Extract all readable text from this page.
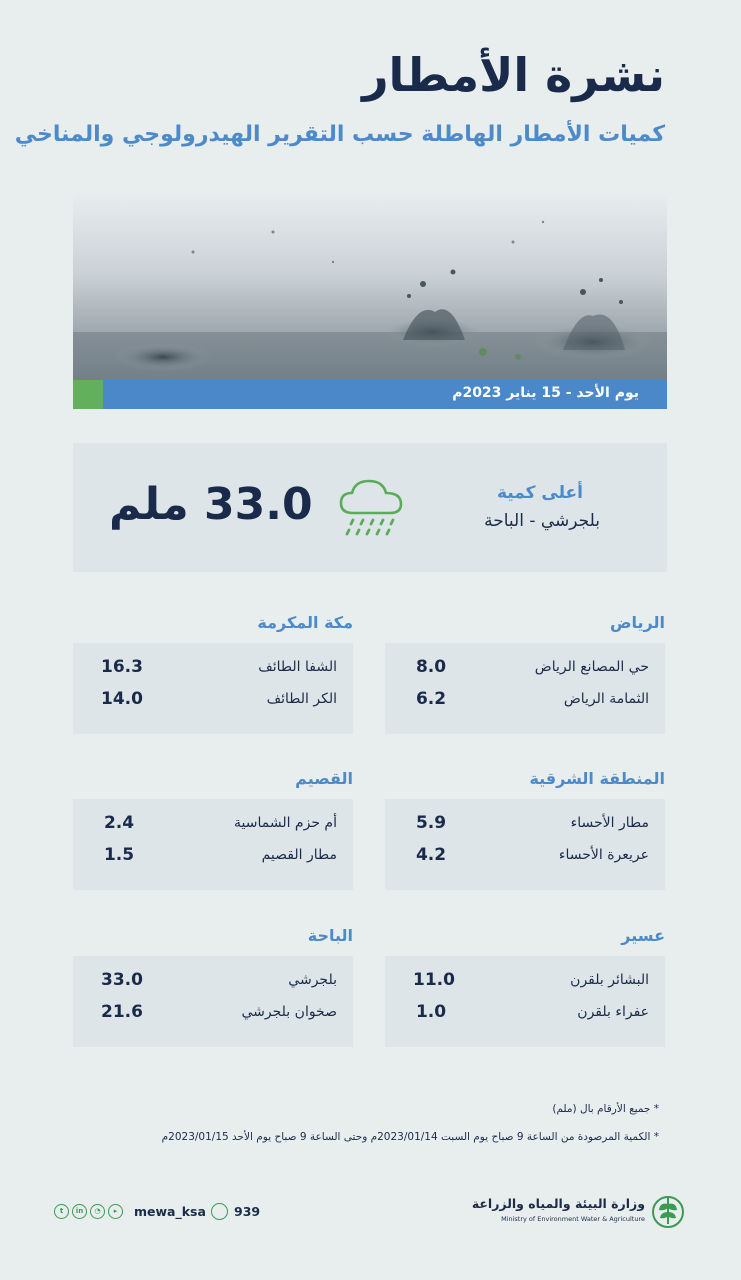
نشرة الأمطار
كميات الأمطار الهاطلة حسب التقرير الهيدرولوجي والمناخي
يوم الأحد - 15 يناير 2023م
أعلى كمية
بلجرشي - الباحة
33.0 ملم
الرياض
حي المصانع الرياض
8.0
الثمامة الرياض
6.2
مكة المكرمة
الشفا الطائف
16.3
الكر الطائف
14.0
المنطقة الشرقية
مطار الأحساء
5.9
عريعرة الأحساء
4.2
القصيم
أم حزم الشماسية
2.4
مطار القصيم
1.5
عسير
البشائر بلقرن
11.0
عفراء بلقرن
1.0
الباحة
بلجرشي
33.0
صخوان بلجرشي
21.6
* جميع الأرقام بال (ملم)
* الكمية المرصودة من الساعة 9 صباح يوم السبت 2023/01/14م وحتى الساعة 9 صباح يوم الأحد 2023/01/15م
وزارة البيئة والمياه والزراعة
Ministry of Environment Water & Agriculture
939
mewa_ksa
t	in	◔	▸
